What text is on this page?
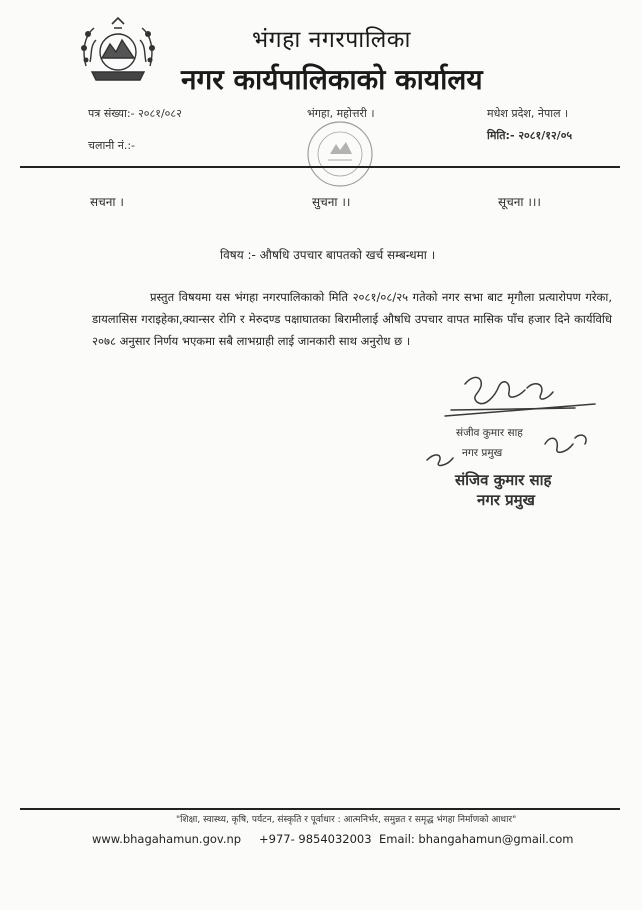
भंगहा नगरपालिका
नगर कार्यपालिकाको कार्यालय
पत्र संख्या:- २०८१/०८२	भंगहा, महोत्तरी ।	मधेश प्रदेश, नेपाल ।
चलानी नं.:-
मिति:- २०८१/१२/०५
सचना ।	सुचना ।।	सूचना ।।।
विषय :- औषधि उपचार बापतको खर्च सम्बन्धमा ।

प्रस्तुत विषयमा यस भंगहा नगरपालिकाको मिति २०८१/०८/२५ गतेको नगर सभा बाट मृगौला प्रत्यारोपण गरेका, डायलासिस गराइहेका,क्यान्सर रोगि र मेरुदण्ड पक्षाघातका बिरामीलाई औषधि उपचार वापत मासिक पाँच हजार दिने कार्यविधि २०७८ अनुसार निर्णय भएकमा सबै लाभग्राही लाई जानकारी साथ अनुरोध छ ।

संजीव कुमार साह
नगर प्रमुख
संजिव कुमार साह
नगर प्रमुख
"शिक्षा, स्वास्थ्य, कृषि, पर्यटन, संस्कृति र पूर्वाधार : आत्मनिर्भर, समुन्नत र समृद्ध भंगहा निर्माणको आधार"
www.bhagahamun.gov.np +977- 9854032003 Email: bhangahamun@gmail.com
